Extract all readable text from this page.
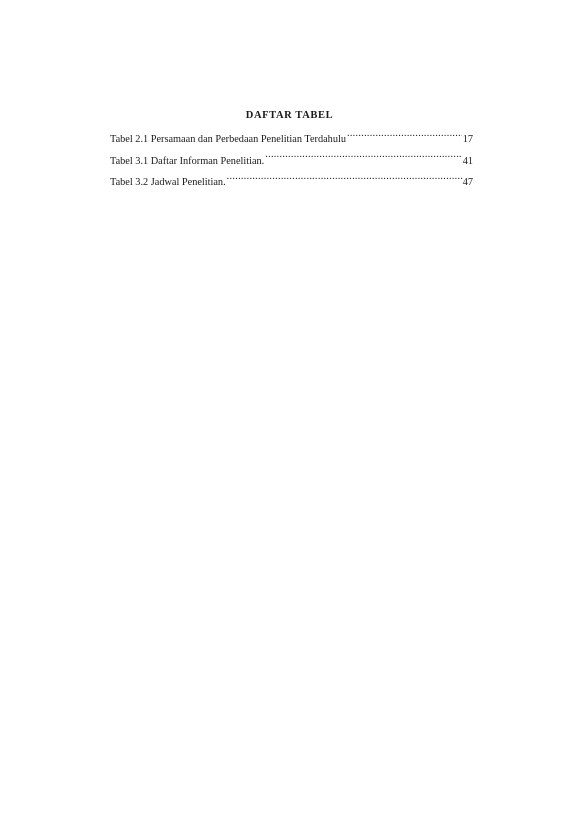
DAFTAR TABEL
Tabel 2.1 Persamaan dan Perbedaan Penelitian Terdahulu .....	17
Tabel 3.1 Daftar Informan Penelitian. .....	41
Tabel 3.2 Jadwal Penelitian. .....	47
